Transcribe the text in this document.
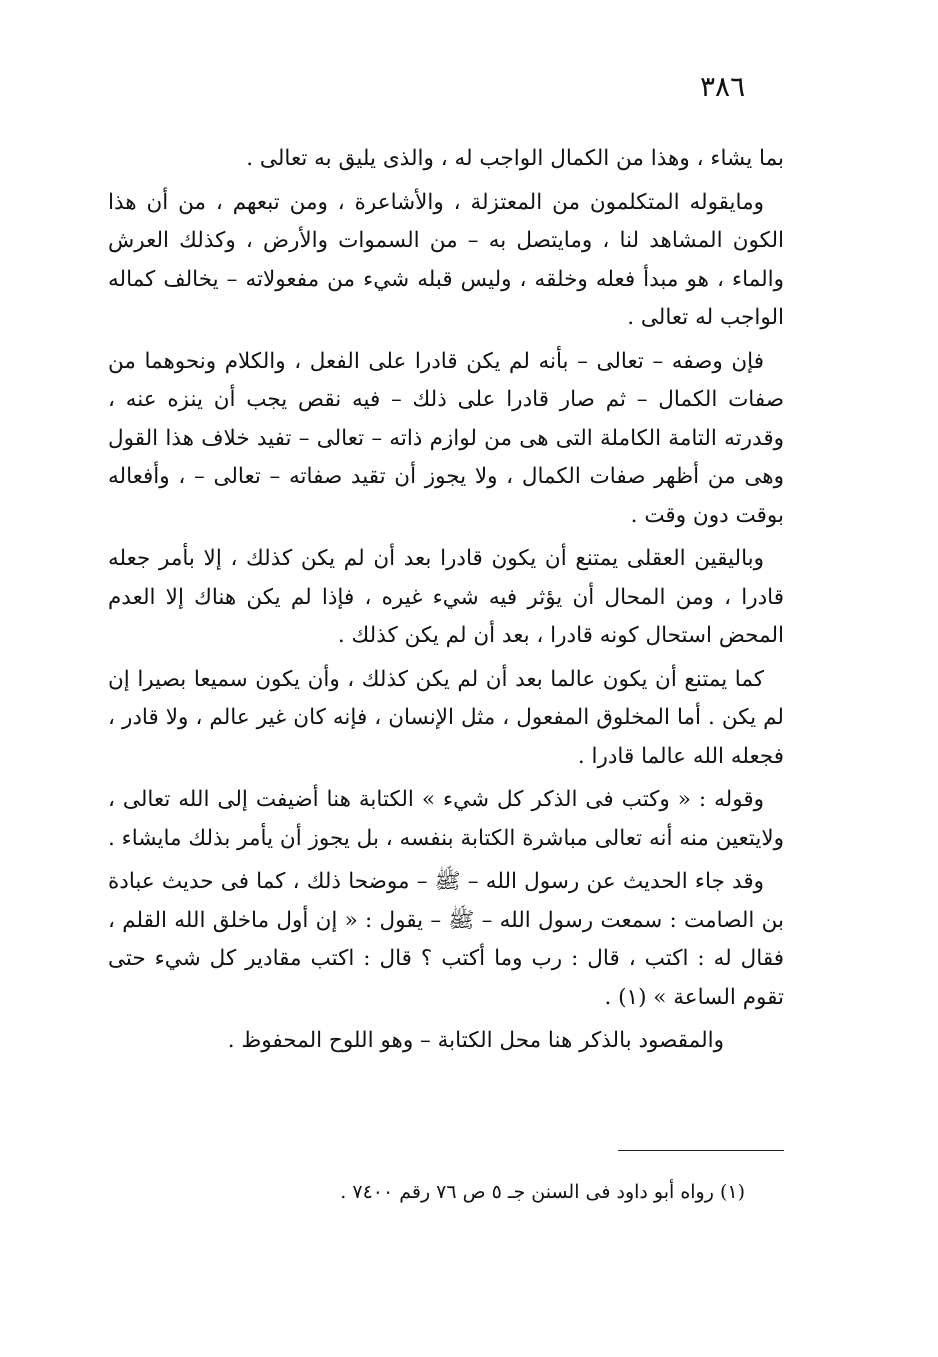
٣٨٦

بما يشاء ، وهذا من الكمال الواجب له ، والذى يليق به تعالى .

ومايقوله المتكلمون من المعتزلة ، والأشاعرة ، ومن تبعهم ، من أن هذا الكون المشاهد لنا ، ومايتصل به – من السموات والأرض ، وكذلك العرش والماء ، هو مبدأ فعله وخلقه ، وليس قبله شيء من مفعولاته – يخالف كماله الواجب له تعالى .

فإن وصفه – تعالى – بأنه لم يكن قادرا على الفعل ، والكلام ونحوهما من صفات الكمال – ثم صار قادرا على ذلك – فيه نقص يجب أن ينزه عنه ، وقدرته التامة الكاملة التى هى من لوازم ذاته – تعالى – تفيد خلاف هذا القول وهى من أظهر صفات الكمال ، ولا يجوز أن تقيد صفاته – تعالى – ، وأفعاله بوقت دون وقت .

وباليقين العقلى يمتنع أن يكون قادرا بعد أن لم يكن كذلك ، إلا بأمر جعله قادرا ، ومن المحال أن يؤثر فيه شيء غيره ، فإذا لم يكن هناك إلا العدم المحض استحال كونه قادرا ، بعد أن لم يكن كذلك .

كما يمتنع أن يكون عالما بعد أن لم يكن كذلك ، وأن يكون سميعا بصيرا إن لم يكن . أما المخلوق المفعول ، مثل الإنسان ، فإنه كان غير عالم ، ولا قادر ، فجعله الله عالما قادرا .

وقوله : « وكتب فى الذكر كل شيء » الكتابة هنا أضيفت إلى الله تعالى ، ولايتعين منه أنه تعالى مباشرة الكتابة بنفسه ، بل يجوز أن يأمر بذلك مايشاء .

وقد جاء الحديث عن رسول الله – ﷺ – موضحا ذلك ، كما فى حديث عبادة بن الصامت : سمعت رسول الله – ﷺ – يقول : « إن أول ماخلق الله القلم ، فقال له : اكتب ، قال : رب وما أكتب ؟ قال : اكتب مقادير كل شيء حتى تقوم الساعة » (١) .

والمقصود بالذكر هنا محل الكتابة – وهو اللوح المحفوظ .

(١) رواه أبو داود فى السنن جـ ٥ ص ٧٦ رقم ٧٤٠٠ .
